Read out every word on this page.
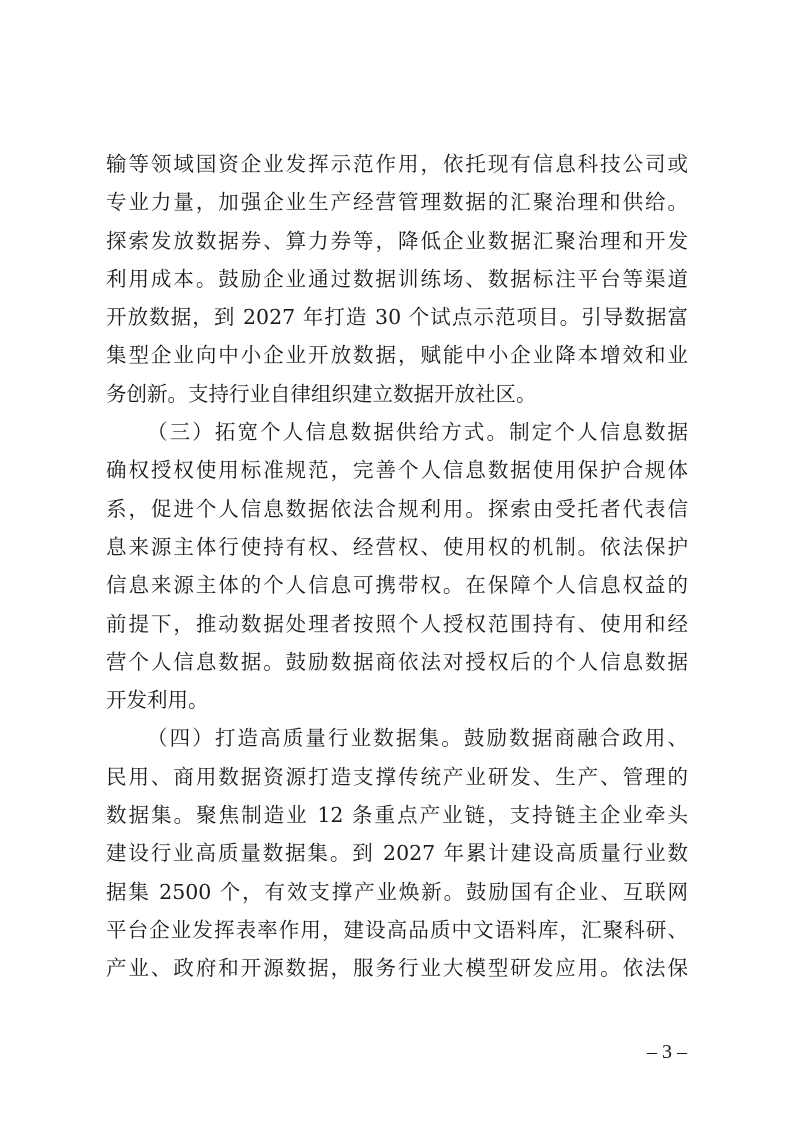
输等领域国资企业发挥示范作用，依托现有信息科技公司或
专业力量，加强企业生产经营管理数据的汇聚治理和供给。
探索发放数据券、算力券等，降低企业数据汇聚治理和开发
利用成本。鼓励企业通过数据训练场、数据标注平台等渠道
开放数据，到 2027 年打造 30 个试点示范项目。引导数据富
集型企业向中小企业开放数据，赋能中小企业降本增效和业
务创新。支持行业自律组织建立数据开放社区。
（三）拓宽个人信息数据供给方式。制定个人信息数据
确权授权使用标准规范，完善个人信息数据使用保护合规体
系，促进个人信息数据依法合规利用。探索由受托者代表信
息来源主体行使持有权、经营权、使用权的机制。依法保护
信息来源主体的个人信息可携带权。在保障个人信息权益的
前提下，推动数据处理者按照个人授权范围持有、使用和经
营个人信息数据。鼓励数据商依法对授权后的个人信息数据
开发利用。
（四）打造高质量行业数据集。鼓励数据商融合政用、
民用、商用数据资源打造支撑传统产业研发、生产、管理的
数据集。聚焦制造业 12 条重点产业链，支持链主企业牵头
建设行业高质量数据集。到 2027 年累计建设高质量行业数
据集 2500 个，有效支撑产业焕新。鼓励国有企业、互联网
平台企业发挥表率作用，建设高品质中文语料库，汇聚科研、
产业、政府和开源数据，服务行业大模型研发应用。依法保
– 3 –
